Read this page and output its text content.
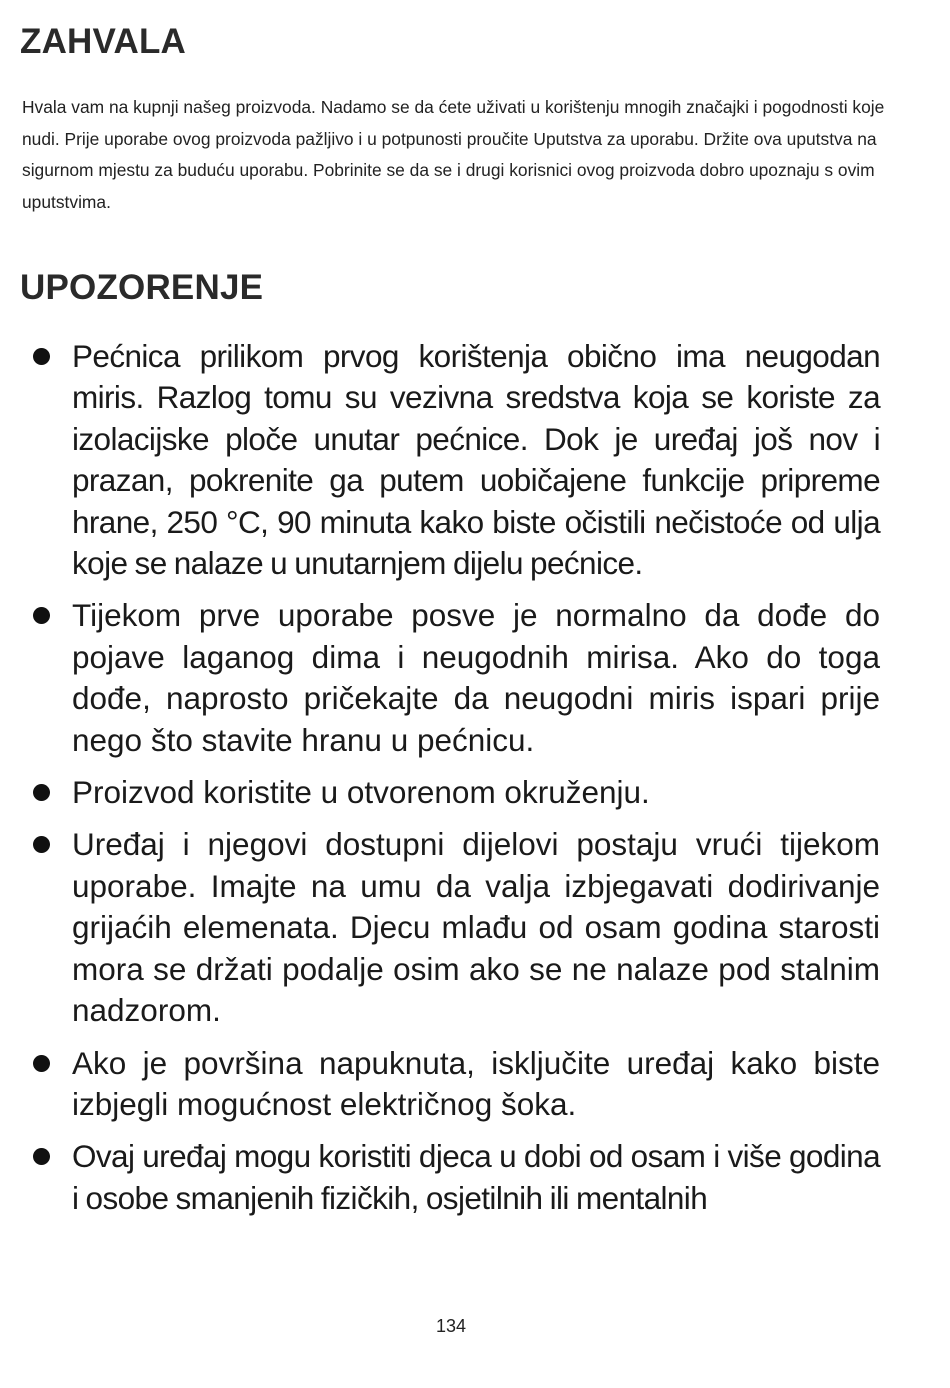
ZAHVALA

Hvala vam na kupnji našeg proizvoda. Nadamo se da ćete uživati u korištenju mnogih značajki i pogodnosti koje nudi. Prije uporabe ovog proizvoda pažljivo i u potpunosti proučite Uputstva za uporabu. Držite ova uputstva na sigurnom mjestu za buduću uporabu. Pobrinite se da se i drugi korisnici ovog proizvoda dobro upoznaju s ovim uputstvima.

UPOZORENJE
Pećnica prilikom prvog korištenja obično ima neugodan miris. Razlog tomu su vezivna sredstva koja se koriste za izolacijske ploče unutar pećnice. Dok je uređaj još nov i prazan, pokrenite ga putem uobičajene funkcije pripreme hrane, 250 °C, 90 minuta kako biste očistili nečistoće od ulja koje se nalaze u unutarnjem dijelu pećnice.
Tijekom prve uporabe posve je normalno da dođe do pojave laganog dima i neugodnih mirisa. Ako do toga dođe, naprosto pričekajte da neugodni miris ispari prije nego što stavite hranu u pećnicu.
Proizvod koristite u otvorenom okruženju.
Uređaj i njegovi dostupni dijelovi postaju vrući tijekom uporabe. Imajte na umu da valja izbjegavati dodirivanje grijaćih elemenata. Djecu mlađu od osam godina starosti mora se držati podalje osim ako se ne nalaze pod stalnim nadzorom.
Ako je površina napuknuta, isključite uređaj kako biste izbjegli mogućnost električnog šoka.
Ovaj uređaj mogu koristiti djeca u dobi od osam i više godina i osobe smanjenih fizičkih, osjetilnih ili mentalnih
134
